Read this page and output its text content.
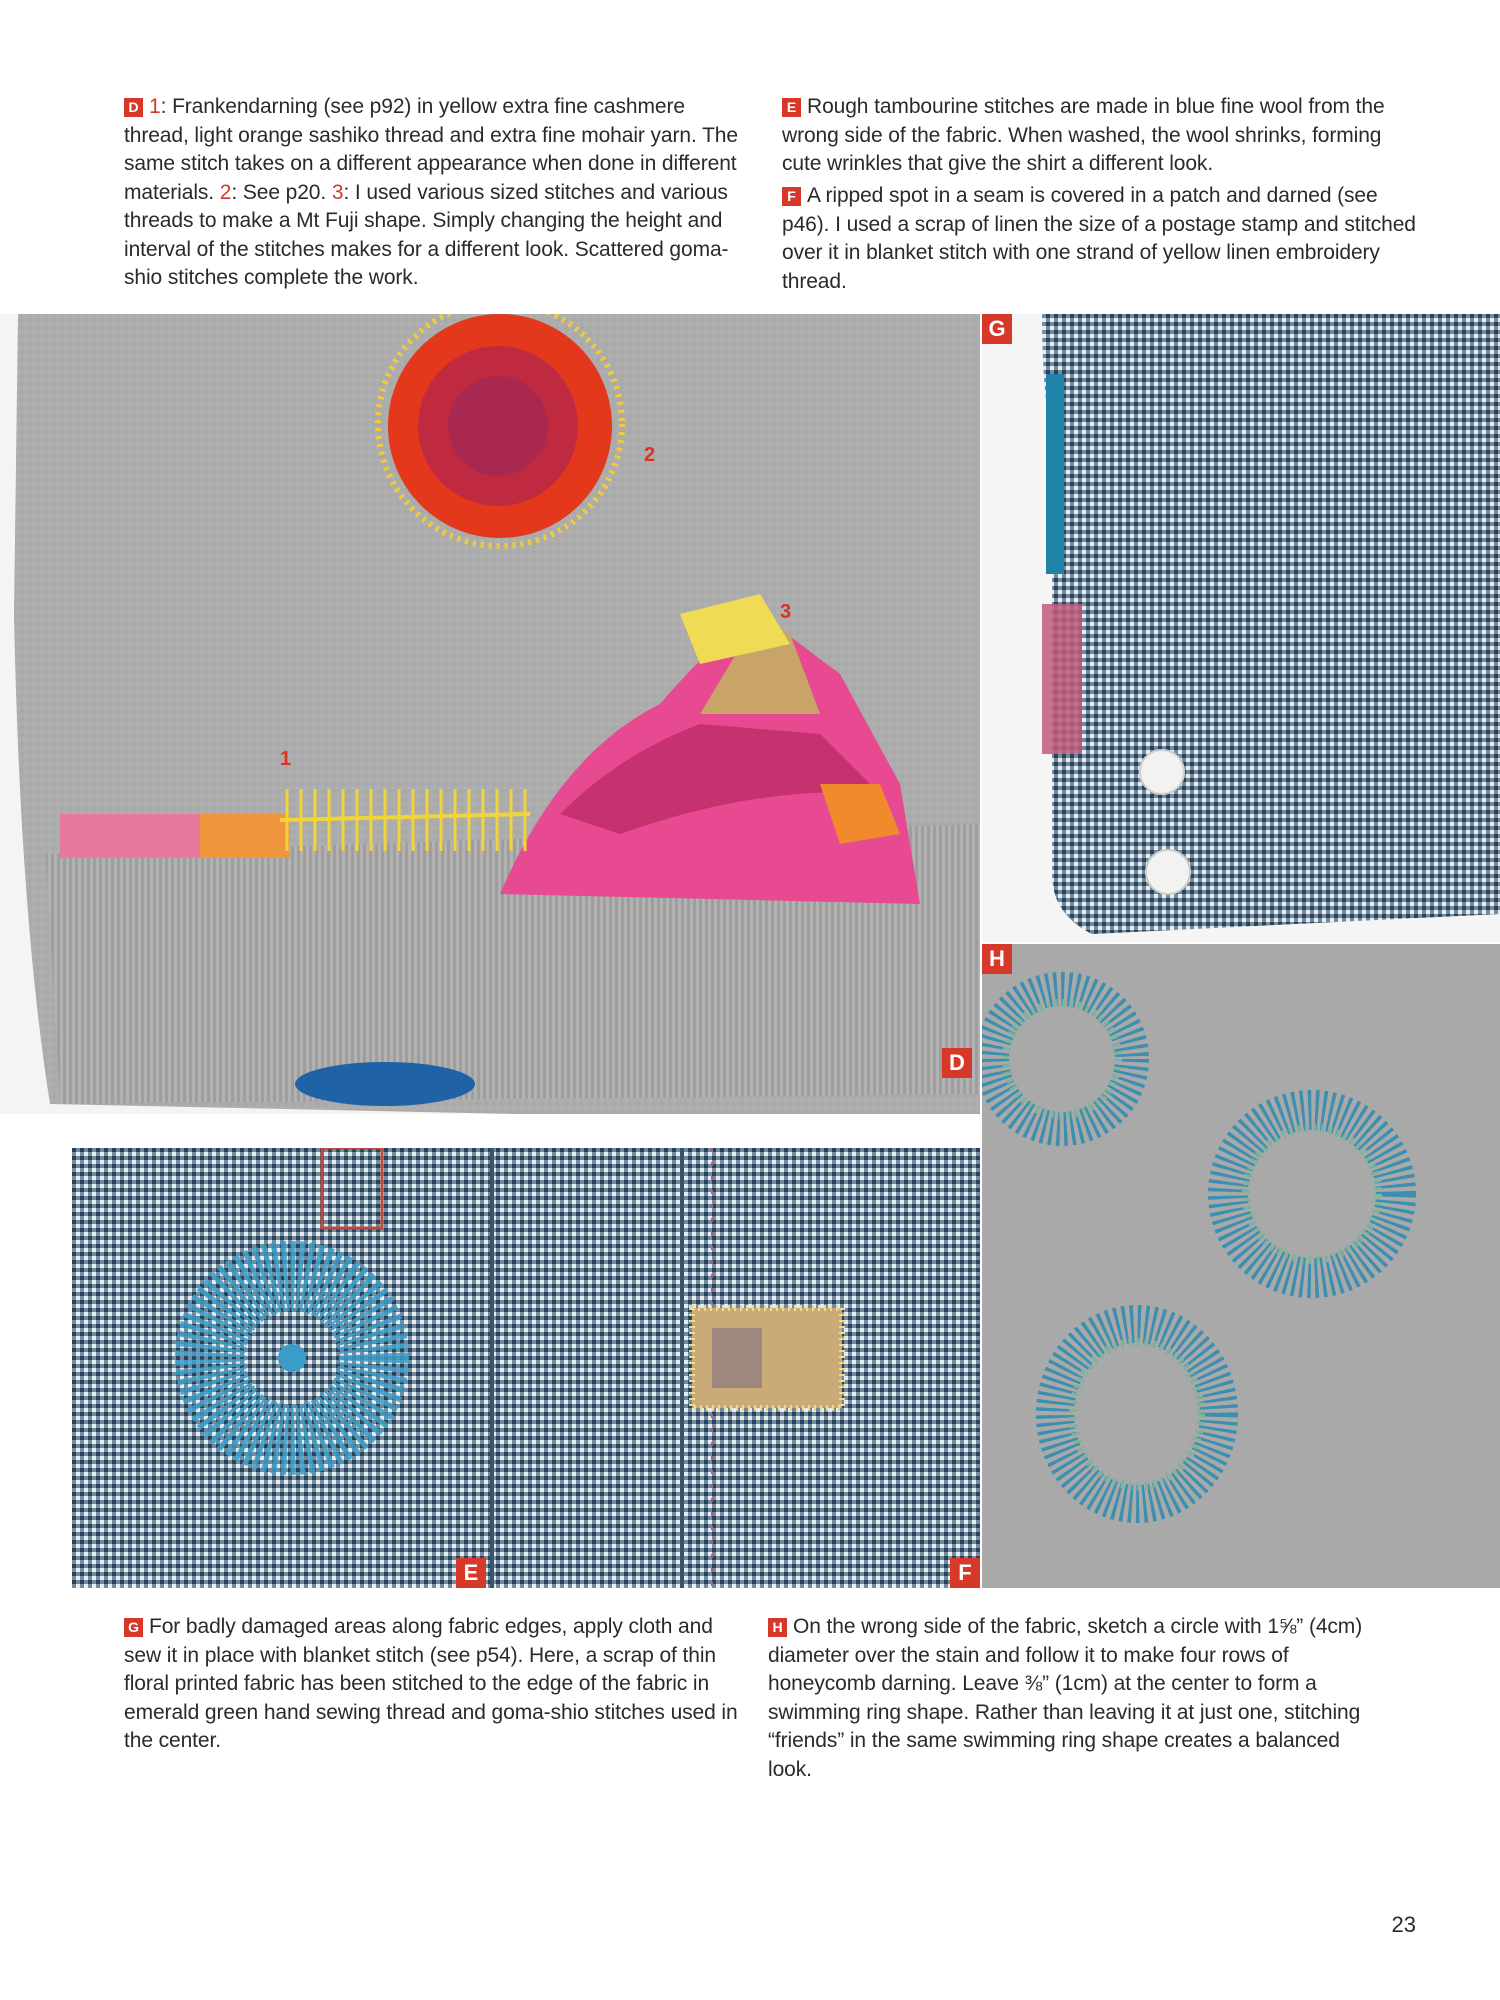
D 1: Frankendarning (see p92) in yellow extra fine cashmere thread, light orange sashiko thread and extra fine mohair yarn. The same stitch takes on a different appearance when done in different materials. 2: See p20. 3: I used various sized stitches and various threads to make a Mt Fuji shape. Simply changing the height and interval of the stitches makes for a different look. Scattered goma-shio stitches complete the work.
E Rough tambourine stitches are made in blue fine wool from the wrong side of the fabric. When washed, the wool shrinks, forming cute wrinkles that give the shirt a different look.
F A ripped spot in a seam is covered in a patch and darned (see p46). I used a scrap of linen the size of a postage stamp and stitched over it in blanket stitch with one strand of yellow linen embroidery thread.
2
3
1
D
G
H
E	F
G For badly damaged areas along fabric edges, apply cloth and sew it in place with blanket stitch (see p54). Here, a scrap of thin floral printed fabric has been stitched to the edge of the fabric in emerald green hand sewing thread and goma-shio stitches used in the center.
H On the wrong side of the fabric, sketch a circle with 1⅝” (4cm) diameter over the stain and follow it to make four rows of honeycomb darning. Leave ⅜” (1cm) at the center to form a swimming ring shape. Rather than leaving it at just one, stitching “friends” in the same swimming ring shape creates a balanced look.
23
